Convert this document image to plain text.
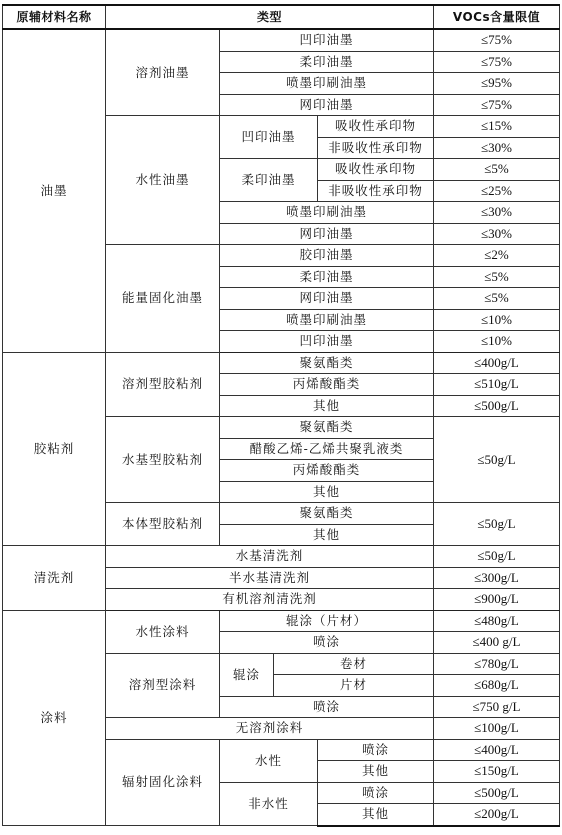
原辅材料名称	类型				VOCs含量限值
油墨	溶剂油墨	凹印油墨			≤75%
		柔印油墨			≤75%
		喷墨印刷油墨			≤95%
		网印油墨			≤75%
	水性油墨	凹印油墨		吸收性承印物	≤15%
				非吸收性承印物	≤30%
		柔印油墨		吸收性承印物	≤5%
				非吸收性承印物	≤25%
		喷墨印刷油墨			≤30%
		网印油墨			≤30%
	能量固化油墨	胶印油墨			≤2%
		柔印油墨			≤5%
		网印油墨			≤5%
		喷墨印刷油墨			≤10%
		凹印油墨			≤10%
胶粘剂	溶剂型胶粘剂	聚氨酯类			≤400g/L
		丙烯酸酯类			≤510g/L
		其他			≤500g/L
	水基型胶粘剂	聚氨酯类			≤50g/L
		醋酸乙烯-乙烯共聚乳液类			
		丙烯酸酯类			
		其他			
	本体型胶粘剂	聚氨酯类			≤50g/L
		其他			
清洗剂	水基清洗剂				≤50g/L
	半水基清洗剂				≤300g/L
	有机溶剂清洗剂				≤900g/L
涂料	水性涂料	辊涂（片材）			≤480g/L
		喷涂			≤400 g/L
	溶剂型涂料	辊涂	卷材		≤780g/L
			片材		≤680g/L
		喷涂			≤750 g/L
	无溶剂涂料				≤100g/L
	辐射固化涂料	水性		喷涂	≤400g/L
				其他	≤150g/L
		非水性		喷涂	≤500g/L
				其他	≤200g/L
